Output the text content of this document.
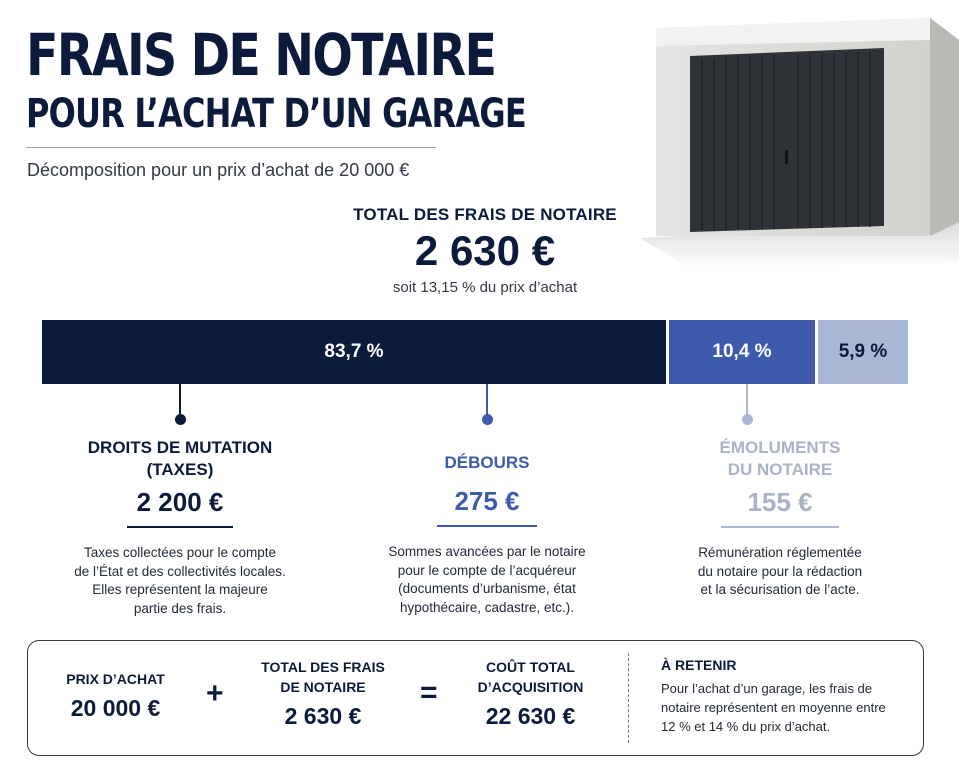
FRAIS DE NOTAIRE
POUR L’ACHAT D’UN GARAGE
Décomposition pour un prix d’achat de 20 000 €
TOTAL DES FRAIS DE NOTAIRE
2 630 €
soit 13,15 % du prix d’achat
83,7 %	10,4 %	5,9 %
DROITS DE MUTATION
(TAXES)
2 200 €
Taxes collectées pour le compte
de l’État et des collectivités locales.
Elles représentent la majeure
partie des frais.
DÉBOURS
275 €
Sommes avancées par le notaire
pour le compte de l’acquéreur
(documents d’urbanisme, état
hypothécaire, cadastre, etc.).
ÉMOLUMENTS
DU NOTAIRE
155 €
Rémunération réglementée
du notaire pour la rédaction
et la sécurisation de l’acte.
PRIX D’ACHAT
20 000 €	+
TOTAL DES FRAIS
DE NOTAIRE
2 630 €
=
COÛT TOTAL
D’ACQUISITION
22 630 €
À RETENIR
Pour l’achat d’un garage, les frais de
notaire représentent en moyenne entre
12 % et 14 % du prix d’achat.
